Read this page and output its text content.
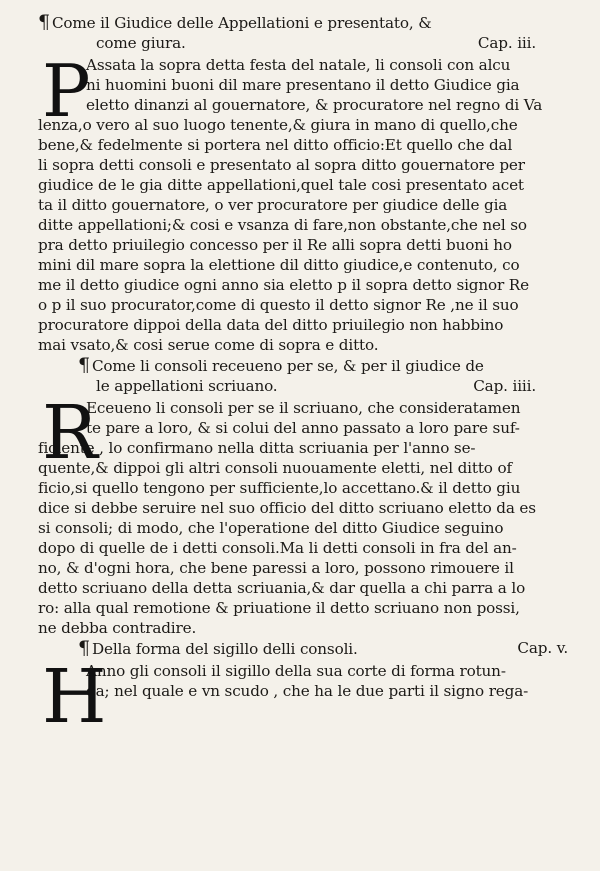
¶ Come il Giudice delle Appellationi e presentato, &
come giura.	Cap. iii.
P
Assata la sopra detta festa del natale, li consoli con alcu
ni huomini buoni dil mare presentano il detto Giudice gia
eletto dinanzi al gouernatore, & procuratore nel regno di Va
lenza,o vero al suo luogo tenente,& giura in mano di quello,che
bene,& fedelmente si portera nel ditto officio:Et quello che dal
li sopra detti consoli e presentato al sopra ditto gouernatore per
giudice de le gia ditte appellationi,quel tale cosi presentato acet
ta il ditto gouernatore, o ver procuratore per giudice delle gia
ditte appellationi;& cosi e vsanza di fare,non obstante,che nel so
pra detto priuilegio concesso per il Re alli sopra detti buoni ho
mini dil mare sopra la elettione dil ditto giudice,e contenuto, co
me il detto giudice ogni anno sia eletto p il sopra detto signor Re
o p il suo procurator,come di questo il detto signor Re ,ne il suo
procuratore dippoi della data del ditto priuilegio non habbino
mai vsato,& cosi serue come di sopra e ditto.
¶ Come li consoli receueno per se, & per il giudice de
le appellationi scriuano.	Cap. iiii.
R
Eceueno li consoli per se il scriuano, che consideratamen
te pare a loro, & si colui del anno passato a loro pare suf-
ficiente , lo confirmano nella ditta scriuania per l'anno se-
quente,& dippoi gli altri consoli nuouamente eletti, nel ditto of
ficio,si quello tengono per sufficiente,lo accettano.& il detto giu
dice si debbe seruire nel suo officio del ditto scriuano eletto da es
si consoli; di modo, che l'operatione del ditto Giudice seguino
dopo di quelle de i detti consoli.Ma li detti consoli in fra del an-
no, & d'ogni hora, che bene paressi a loro, possono rimouere il
detto scriuano della detta scriuania,& dar quella a chi parra a lo
ro: alla qual remotione & priuatione il detto scriuano non possi,
ne debba contradire.
¶ Della forma del sigillo delli consoli.	Cap. v.
H
Anno gli consoli il sigillo della sua corte di forma rotun-
da; nel quale e vn scudo , che ha le due parti il signo rega-
